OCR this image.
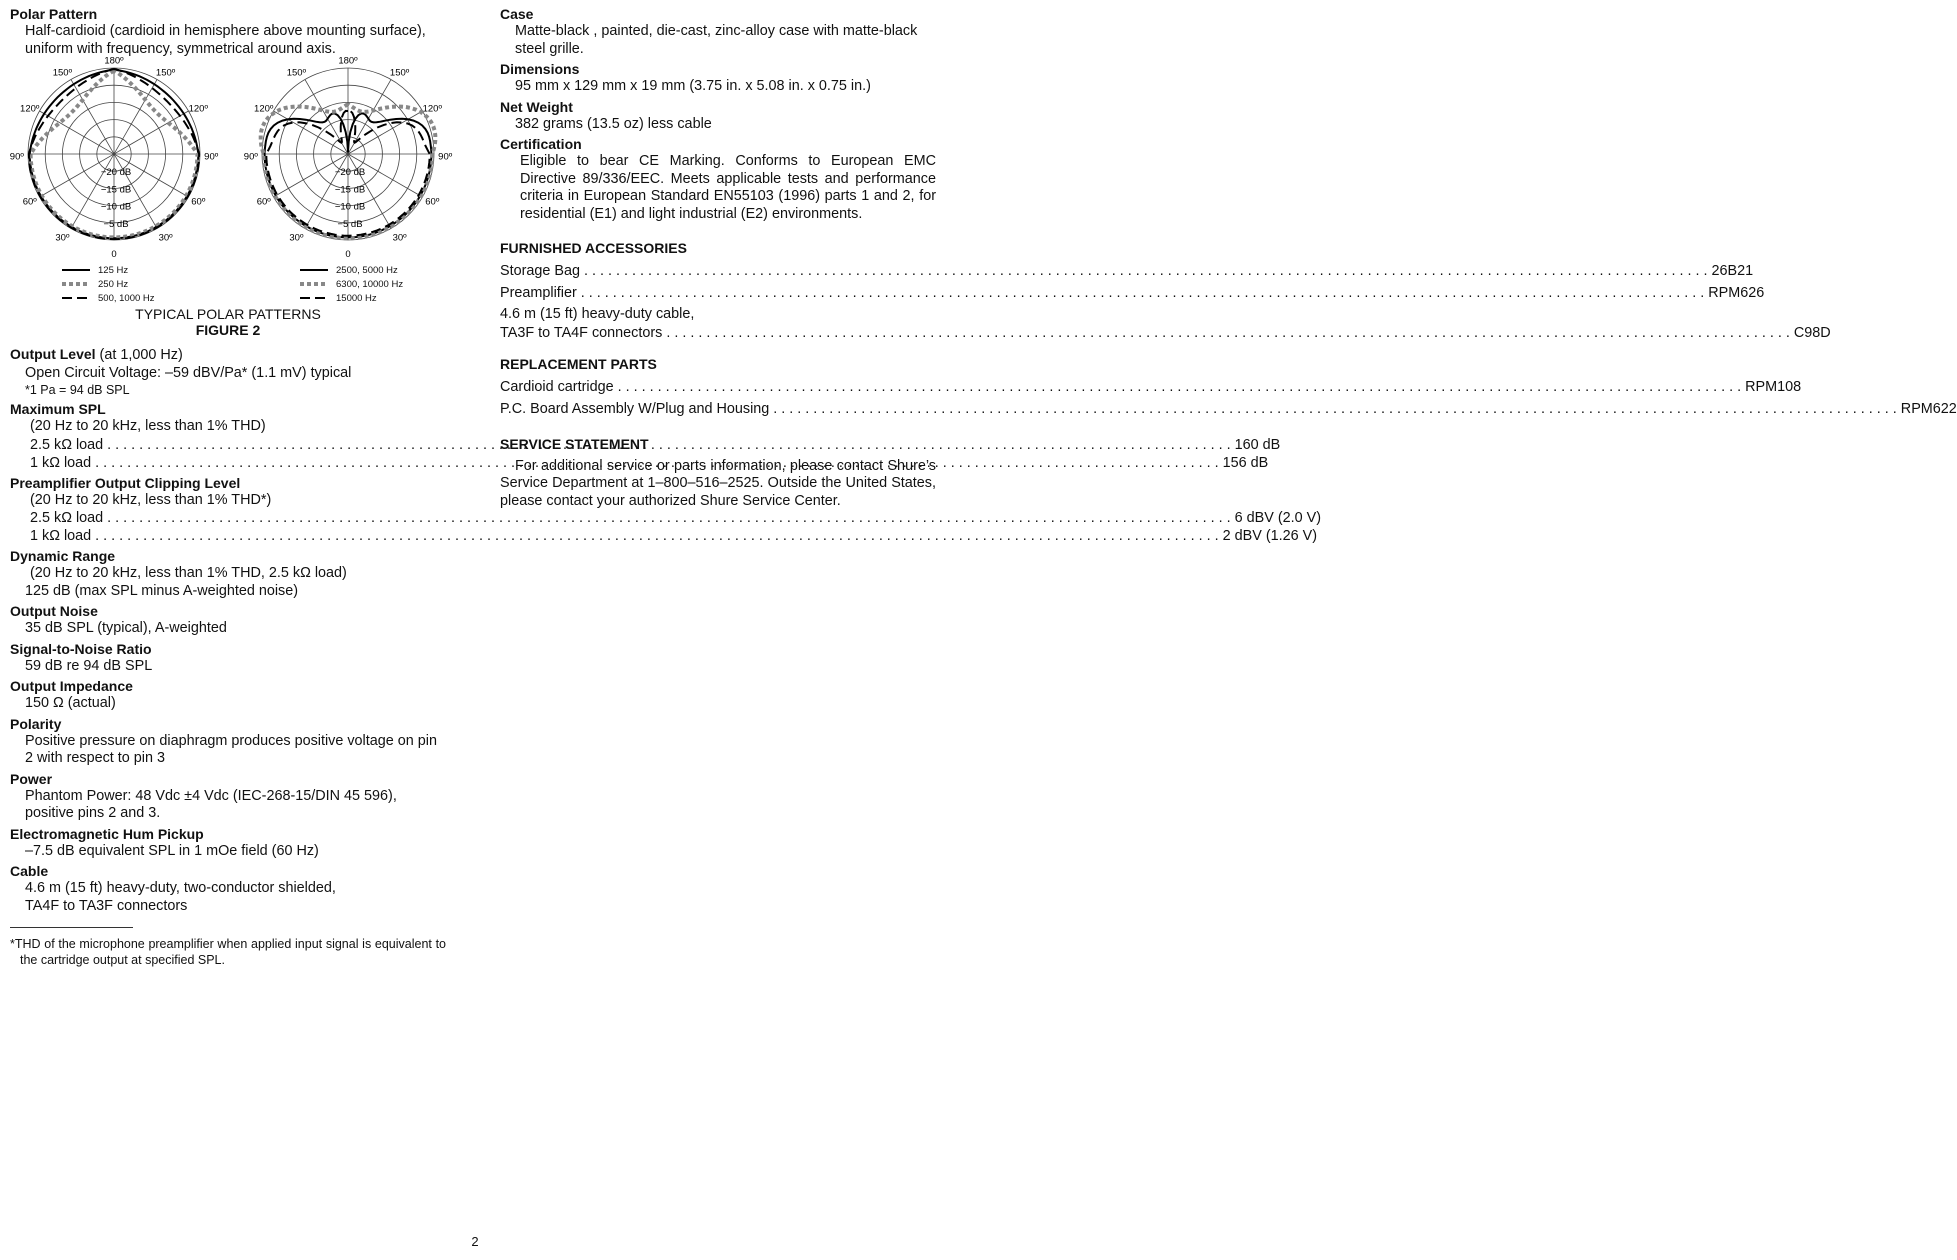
Polar Pattern

Half-cardioid (cardioid in hemisphere above mounting surface), uniform with frequency, symmetrical around axis.

180º
150º	150º
120º	120º
90º	90º
60º	60º
30º	30º
0
−20 dB
−15 dB
−10 dB
−5 dB
180º
150º	150º
120º	120º
90º	90º
60º	60º
30º	30º
0
−20 dB
−15 dB
−10 dB
−5 dB
125 Hz
250 Hz
500, 1000 Hz
2500, 5000 Hz
6300, 10000 Hz
15000 Hz

TYPICAL POLAR PATTERNS

FIGURE 2

Output Level (at 1,000 Hz)

Open Circuit Voltage: –59 dBV/Pa* (1.1 mV) typical

*1 Pa = 94 dB SPL

Maximum SPL

(20 Hz to 20 kHz, less than 1% THD)

2.5 kΩ load . . .	160 dB
1 kΩ load . . .	156 dB

Preamplifier Output Clipping Level

(20 Hz to 20 kHz, less than 1% THD*)

2.5 kΩ load . . .	6 dBV (2.0 V)
1 kΩ load . . .	2 dBV (1.26 V)

Dynamic Range

(20 Hz to 20 kHz, less than 1% THD, 2.5 kΩ load)

125 dB (max SPL minus A-weighted noise)

Output Noise

35 dB SPL (typical), A-weighted

Signal-to-Noise Ratio

59 dB re 94 dB SPL

Output Impedance

150 Ω (actual)

Polarity

Positive pressure on diaphragm produces positive voltage on pin 2 with respect to pin 3

Power

Phantom Power: 48 Vdc ±4 Vdc (IEC-268-15/DIN 45 596), positive pins 2 and 3.

Electromagnetic Hum Pickup

–7.5 dB equivalent SPL in 1 mOe field (60 Hz)

Cable

4.6 m (15 ft) heavy-duty, two-conductor shielded,

TA4F to TA3F connectors

*THD of the microphone preamplifier when applied input signal is equivalent to the cartridge output at specified SPL.

Case

Matte-black , painted, die-cast, zinc-alloy case with matte-black steel grille.

Dimensions

95 mm x 129 mm x 19 mm (3.75 in. x 5.08 in. x 0.75 in.)

Net Weight

382 grams (13.5 oz) less cable

Certification

Eligible to bear CE Marking. Conforms to European EMC Directive 89/336/EEC. Meets applicable tests and performance criteria in European Standard EN55103 (1996) parts 1 and 2, for residential (E1) and light industrial (E2) environments.

FURNISHED ACCESSORIES

Storage Bag . . .	26B21
Preamplifier . . .	RPM626

4.6 m (15 ft) heavy-duty cable,

TA3F to TA4F connectors . . .	C98D

REPLACEMENT PARTS

Cardioid cartridge . . .	RPM108
P.C. Board Assembly W/Plug and Housing . . .	RPM622

SERVICE STATEMENT

For additional service or parts information, please contact Shure’s Service Department at 1–800–516–2525. Outside the United States, please contact your authorized Shure Service Center.

2
